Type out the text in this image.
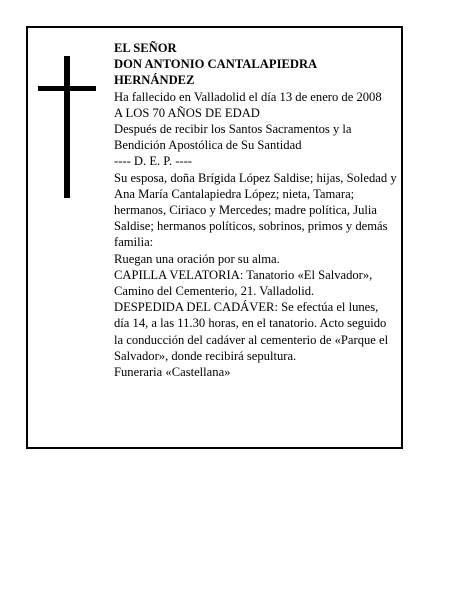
EL SEÑOR
DON ANTONIO CANTALAPIEDRA
HERNÁNDEZ
Ha fallecido en Valladolid el día 13 de enero de 2008
A LOS 70 AÑOS DE EDAD
Después de recibir los Santos Sacramentos y la
Bendición Apostólica de Su Santidad
---- D. E. P. ----
Su esposa, doña Brígida López Saldise; hijas, Soledad y
Ana María Cantalapiedra López; nieta, Tamara;
hermanos, Ciriaco y Mercedes; madre política, Julia
Saldise; hermanos políticos, sobrinos, primos y demás
familia:
Ruegan una oración por su alma.
CAPILLA VELATORIA: Tanatorio «El Salvador»,
Camino del Cementerio, 21. Valladolid.
DESPEDIDA DEL CADÁVER: Se efectúa el lunes,
día 14, a las 11.30 horas, en el tanatorio. Acto seguido
la conducción del cadáver al cementerio de «Parque el
Salvador», donde recibirá sepultura.
Funeraria «Castellana»
